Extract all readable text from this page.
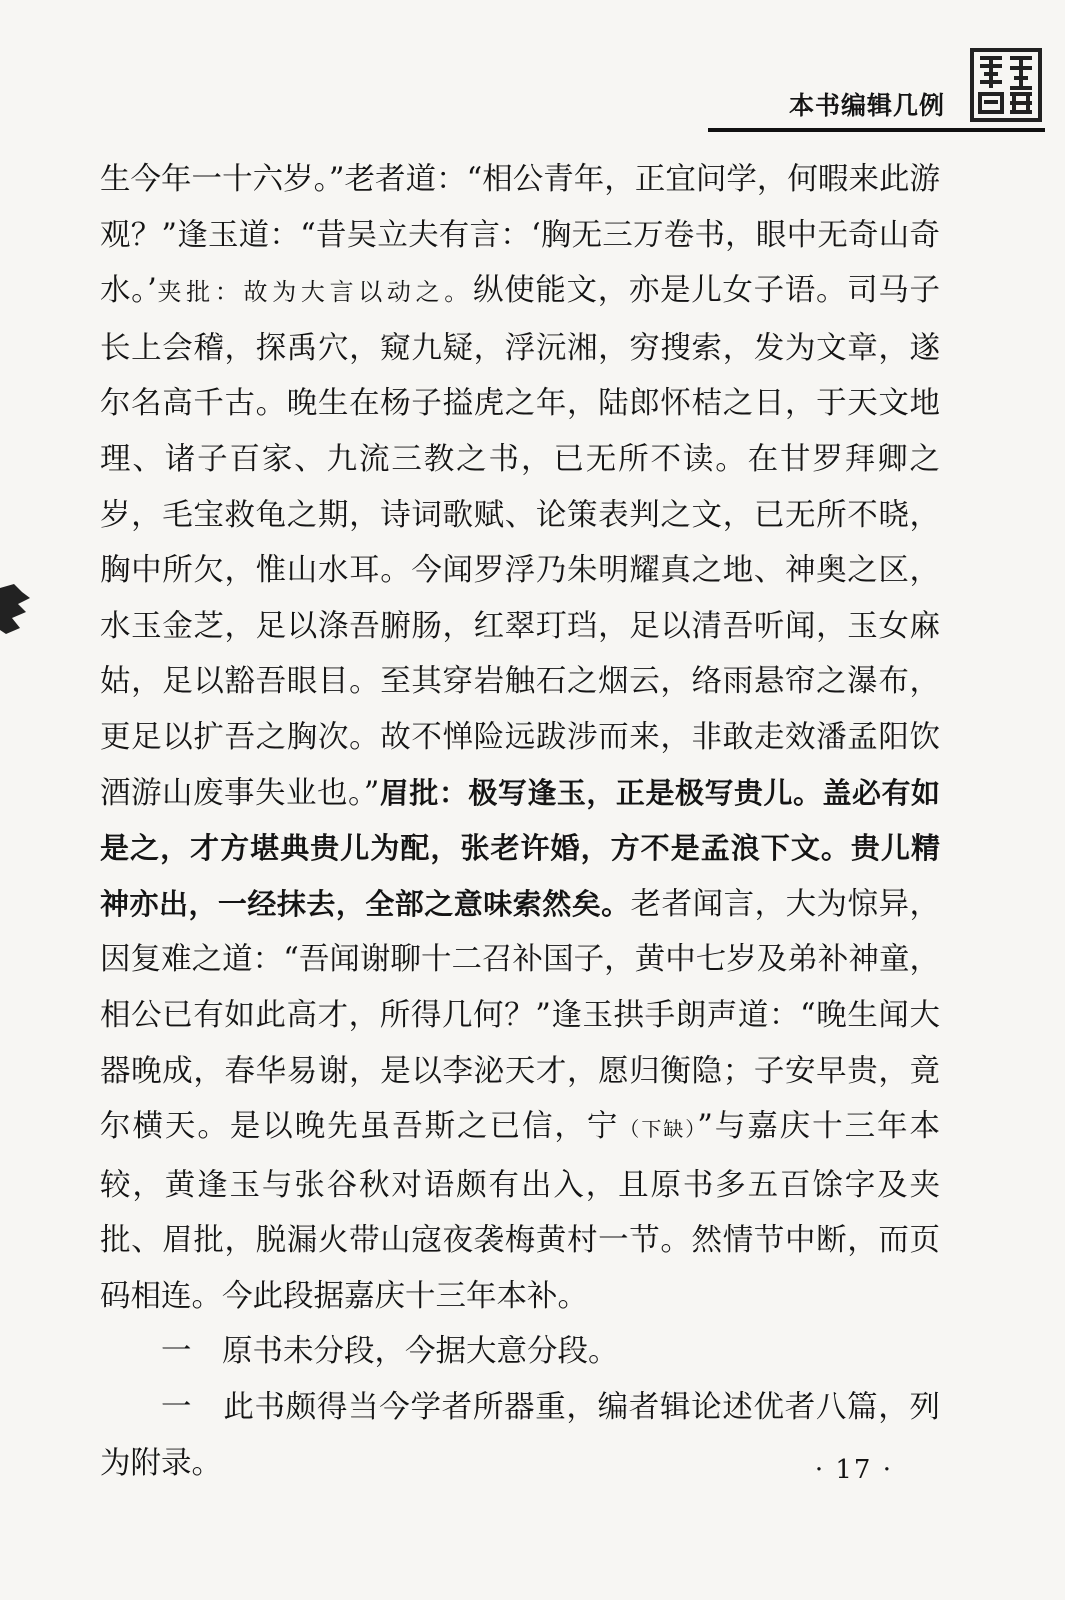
本书编辑几例

生今年一十六岁。”老者道：“相公青年，正宜问学，何暇来此游观？”逢玉道：“昔吴立夫有言：‘胸无三万卷书，眼中无奇山奇水。’夹批：故为大言以动之。纵使能文，亦是儿女子语。司马子长上会稽，探禹穴，窥九疑，浮沅湘，穷搜索，发为文章，遂尔名高千古。晚生在杨子搤虎之年，陆郎怀桔之日，于天文地理、诸子百家、九流三教之书，已无所不读。在甘罗拜卿之岁，毛宝救龟之期，诗词歌赋、论策表判之文，已无所不晓，胸中所欠，惟山水耳。今闻罗浮乃朱明耀真之地、神奥之区，水玉金芝，足以涤吾腑肠，红翠玎珰，足以清吾听闻，玉女麻姑，足以豁吾眼目。至其穿岩触石之烟云，络雨悬帘之瀑布，更足以扩吾之胸次。故不惮险远跋涉而来，非敢走效潘孟阳饮酒游山废事失业也。”眉批：极写逢玉，正是极写贵儿。盖必有如是之，才方堪典贵儿为配，张老许婚，方不是孟浪下文。贵儿精神亦出，一经抹去，全部之意味索然矣。老者闻言，大为惊异，因复难之道：“吾闻谢聊十二召补国子，黄中七岁及弟补神童，相公已有如此高才，所得几何？”逢玉拱手朗声道：“晚生闻大器晚成，春华易谢，是以李泌天才，愿归衡隐；子安早贵，竟尔横天。是以晚先虽吾斯之已信，宁（下缺）”与嘉庆十三年本较，黄逢玉与张谷秋对语颇有出入，且原书多五百馀字及夹批、眉批，脱漏火带山寇夜袭梅黄村一节。然情节中断，而页码相连。今此段据嘉庆十三年本补。

一　原书未分段，今据大意分段。

一　此书颇得当今学者所器重，编者辑论述优者八篇，列为附录。	· 17 ·
